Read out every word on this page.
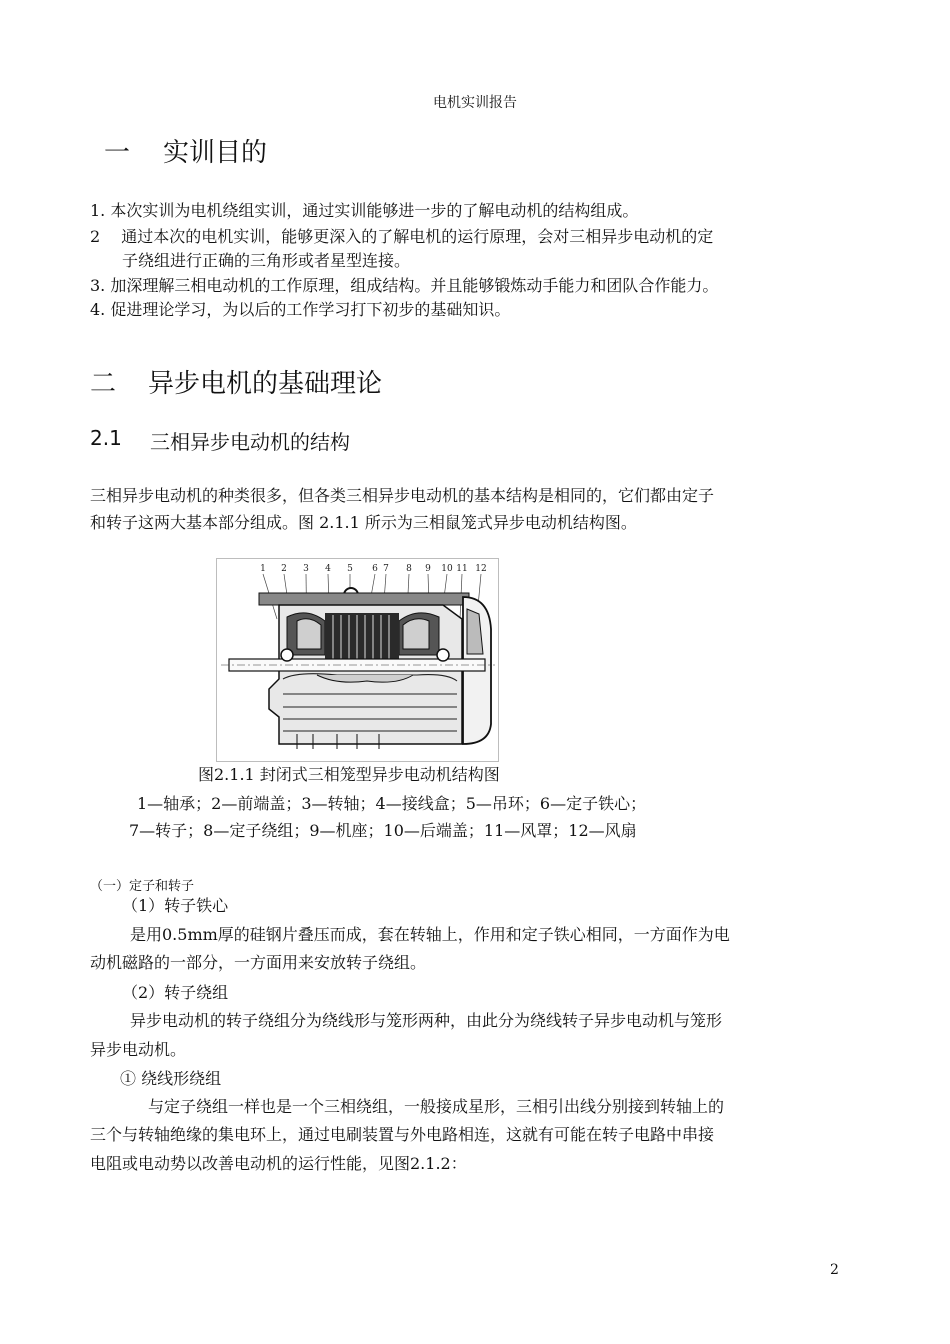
电机实训报告
一 实训目的
1. 本次实训为电机绕组实训，通过实训能够进一步的了解电动机的结构组成。
2　 通过本次的电机实训，能够更深入的了解电机的运行原理，会对三相异步电动机的定
　　子绕组进行正确的三角形或者星型连接。
3. 加深理解三相电动机的工作原理，组成结构。并且能够锻炼动手能力和团队合作能力。
4. 促进理论学习，为以后的工作学习打下初步的基础知识。
二 异步电机的基础理论
2.1 三相异步电动机的结构
三相异步电动机的种类很多，但各类三相异步电动机的基本结构是相同的，它们都由定子
和转子这两大基本部分组成。图 2.1.1 所示为三相鼠笼式异步电动机结构图。
1 2 3 4 5 6 7 8 9 10 11 12
图2.1.1 封闭式三相笼型异步电动机结构图
1—轴承；2—前端盖；3—转轴；4—接线盒；5—吊环；6—定子铁心；
7—转子；8—定子绕组；9—机座；10—后端盖；11—风罩；12—风扇
（一）定子和转子
（1）转子铁心
是用0.5mm厚的硅钢片叠压而成，套在转轴上，作用和定子铁心相同，一方面作为电
动机磁路的一部分，一方面用来安放转子绕组。
（2）转子绕组
异步电动机的转子绕组分为绕线形与笼形两种，由此分为绕线转子异步电动机与笼形
异步电动机。
① 绕线形绕组
与定子绕组一样也是一个三相绕组，一般接成星形，三相引出线分别接到转轴上的
三个与转轴绝缘的集电环上，通过电刷装置与外电路相连，这就有可能在转子电路中串接
电阻或电动势以改善电动机的运行性能，见图2.1.2：
2
